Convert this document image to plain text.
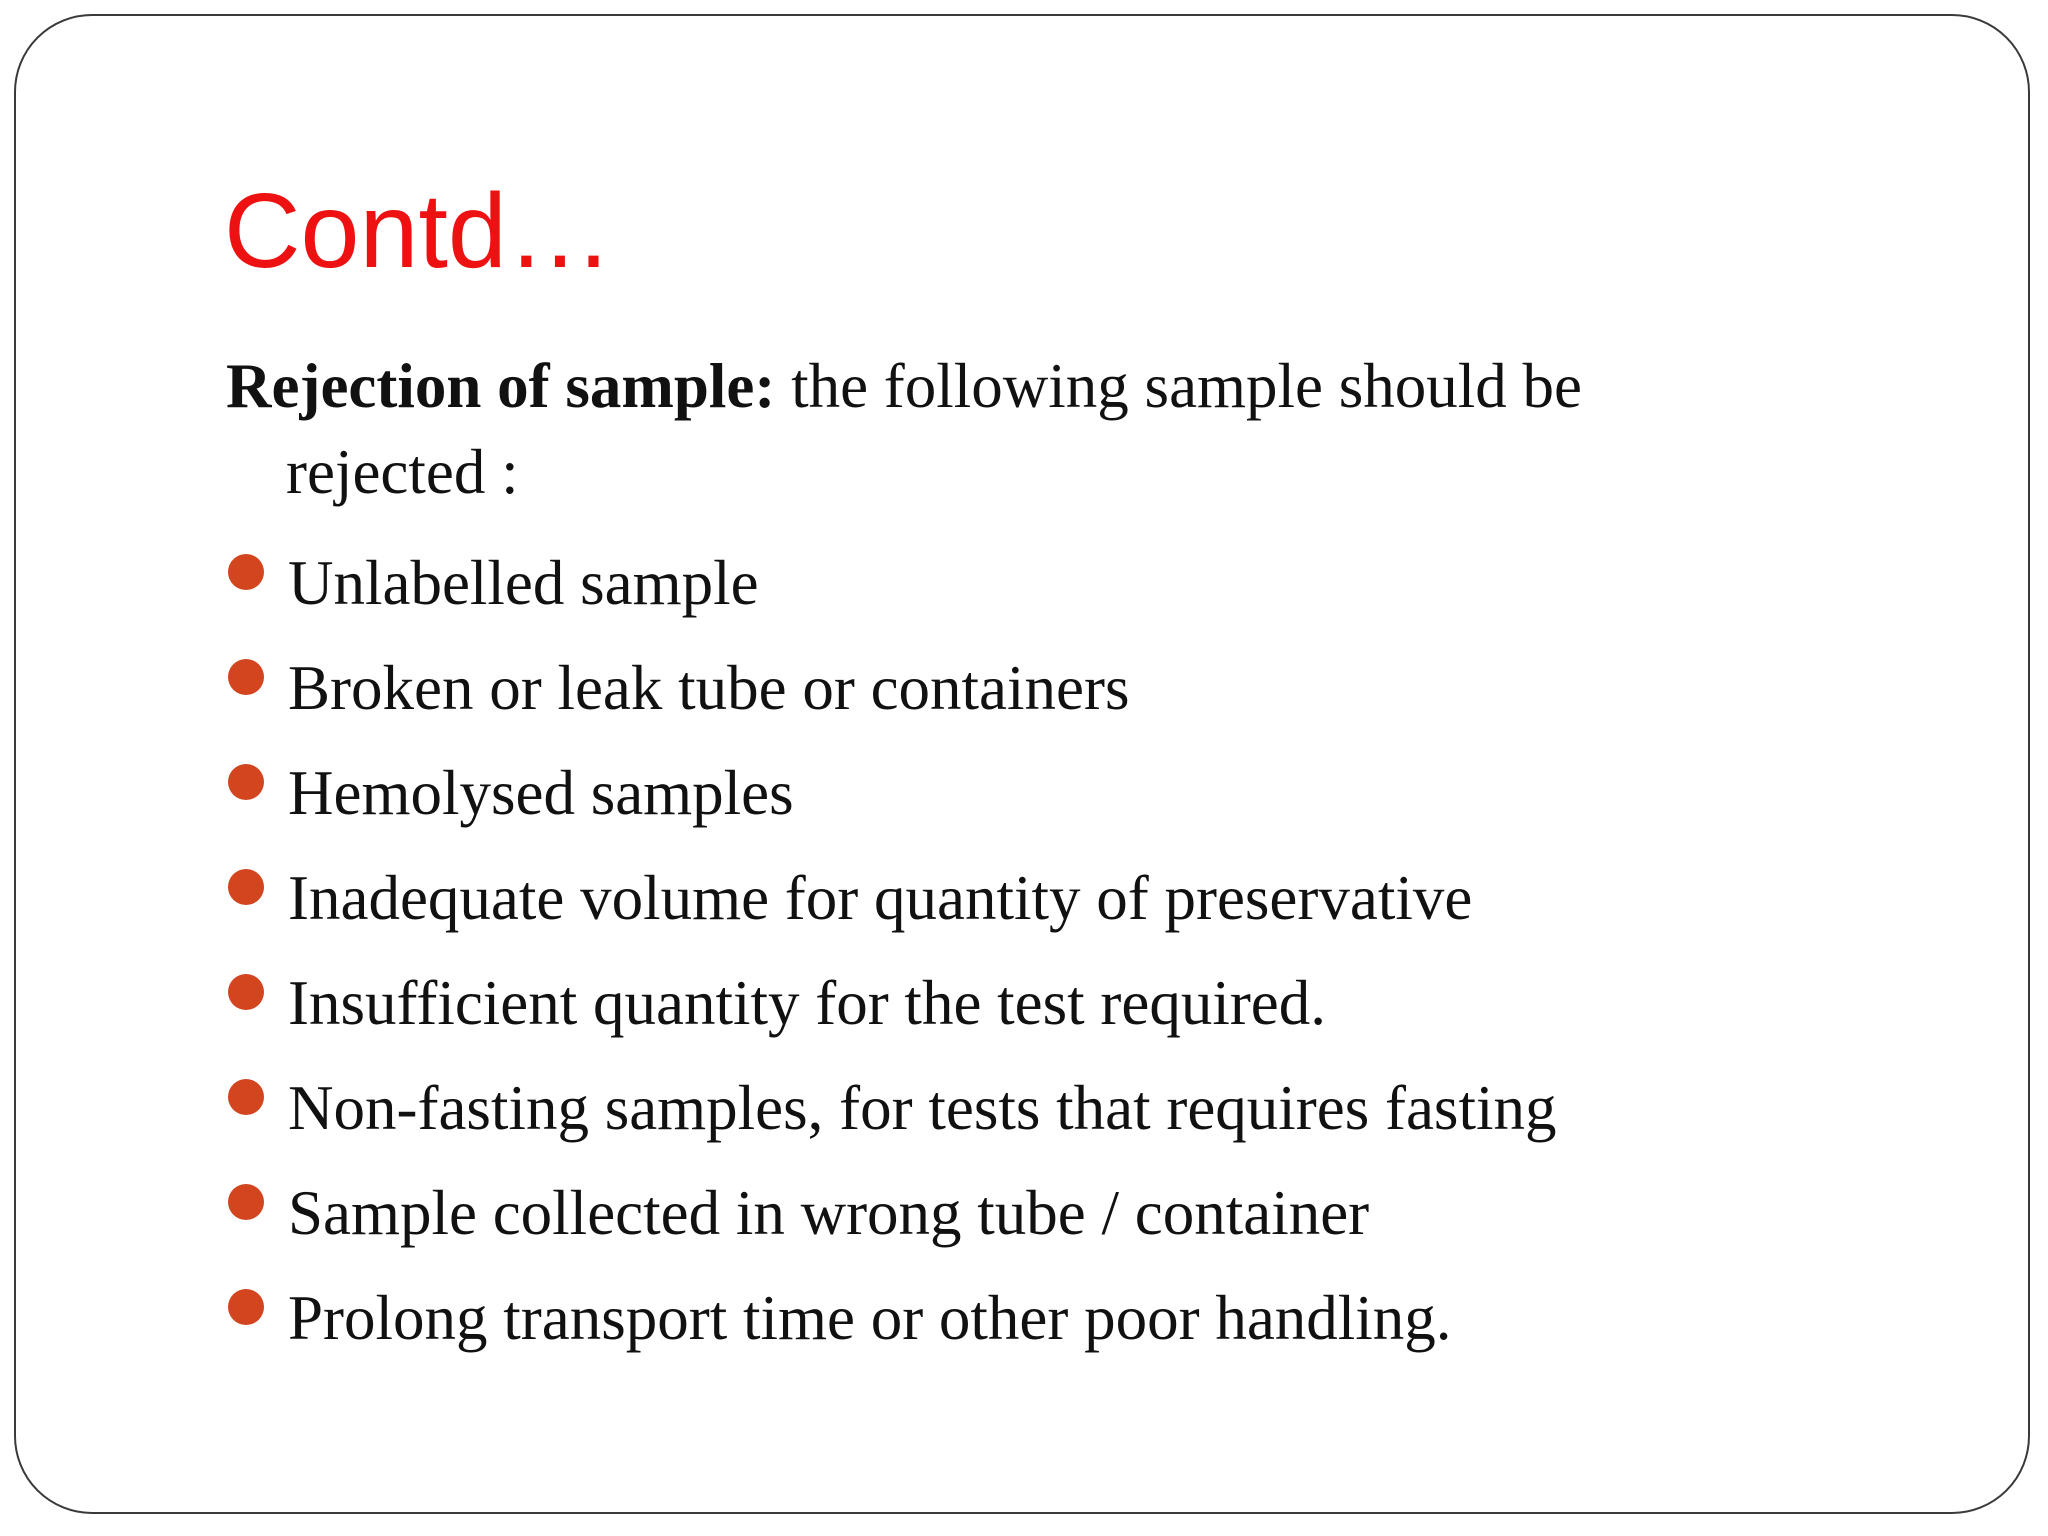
Contd…
Rejection of sample: the following sample should be
rejected :
Unlabelled sample
Broken or leak tube or containers
Hemolysed samples
Inadequate volume for quantity of preservative
Insufficient quantity for the test required.
Non-fasting samples, for tests that requires fasting
Sample collected in wrong tube / container
Prolong transport time or other poor handling.
